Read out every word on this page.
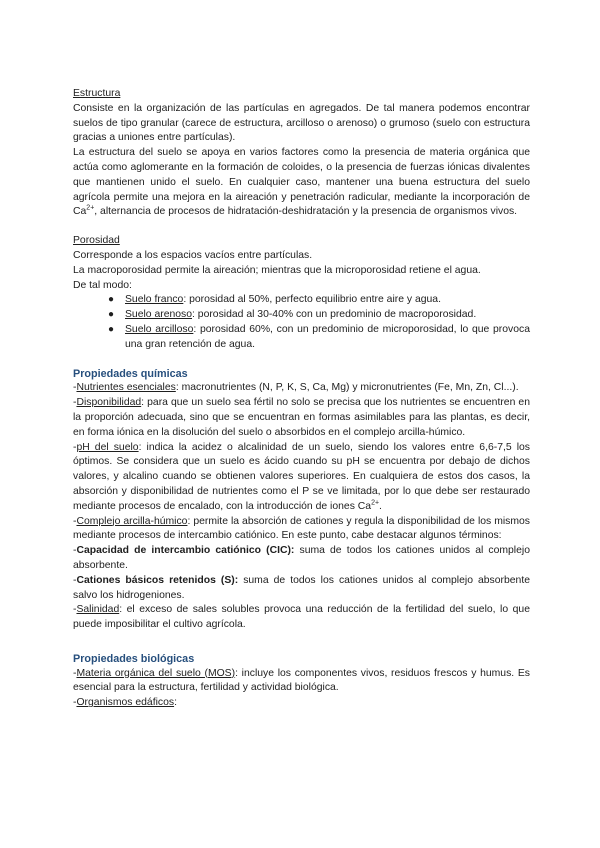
Estructura

Consiste en la organización de las partículas en agregados. De tal manera podemos encontrar suelos de tipo granular (carece de estructura, arcilloso o arenoso) o grumoso (suelo con estructura gracias a uniones entre partículas).

La estructura del suelo se apoya en varios factores como la presencia de materia orgánica que actúa como aglomerante en la formación de coloides, o la presencia de fuerzas iónicas divalentes que mantienen unido el suelo. En cualquier caso, mantener una buena estructura del suelo agrícola permite una mejora en la aireación y penetración radicular, mediante la incorporación de $Ca^{2+}$, alternancia de procesos de hidratación-deshidratación y la presencia de organismos vivos.

Porosidad

Corresponde a los espacios vacíos entre partículas.

La macroporosidad permite la aireación; mientras que la microporosidad retiene el agua.

De tal modo:

● Suelo franco: porosidad al 50%, perfecto equilibrio entre aire y agua.
● Suelo arenoso: porosidad al 30-40% con un predominio de macroporosidad.
● Suelo arcilloso: porosidad 60%, con un predominio de microporosidad, lo que provoca una gran retención de agua.

Propiedades químicas

-Nutrientes esenciales: macronutrientes (N, P, K, S, Ca, Mg) y micronutrientes (Fe, Mn, Zn, Cl...).

-Disponibilidad: para que un suelo sea fértil no solo se precisa que los nutrientes se encuentren en la proporción adecuada, sino que se encuentran en formas asimilables para las plantas, es decir, en forma iónica en la disolución del suelo o absorbidos en el complejo arcilla-húmico.

-pH del suelo: indica la acidez o alcalinidad de un suelo, siendo los valores entre 6,6-7,5 los óptimos. Se considera que un suelo es ácido cuando su pH se encuentra por debajo de dichos valores, y alcalino cuando se obtienen valores superiores. En cualquiera de estos dos casos, la absorción y disponibilidad de nutrientes como el P se ve limitada, por lo que debe ser restaurado mediante procesos de encalado, con la introducción de iones $Ca^{2+}$.

-Complejo arcilla-húmico: permite la absorción de cationes y regula la disponibilidad de los mismos mediante procesos de intercambio catiónico. En este punto, cabe destacar algunos términos:

-Capacidad de intercambio catiónico (CIC): suma de todos los cationes unidos al complejo absorbente.

-Cationes básicos retenidos (S): suma de todos los cationes unidos al complejo absorbente salvo los hidrogeniones.

-Salinidad: el exceso de sales solubles provoca una reducción de la fertilidad del suelo, lo que puede imposibilitar el cultivo agrícola.

Propiedades biológicas

-Materia orgánica del suelo (MOS): incluye los componentes vivos, residuos frescos y humus. Es esencial para la estructura, fertilidad y actividad biológica.

-Organismos edáficos:
